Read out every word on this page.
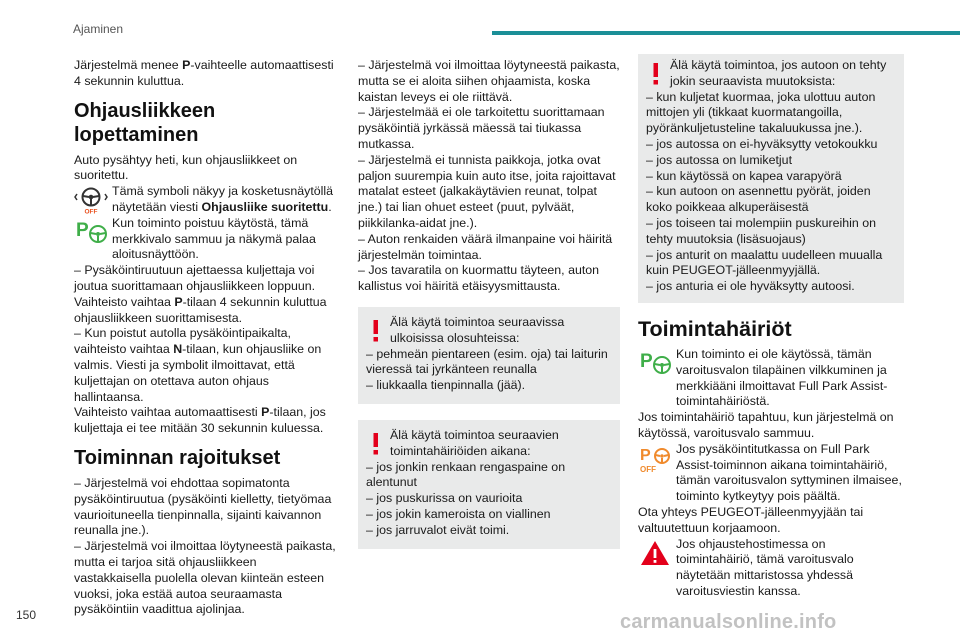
Ajaminen

Järjestelmä menee P-vaihteelle automaattisesti 4 sekunnin kuluttua.

Ohjausliikkeen lopettaminen

Auto pysähtyy heti, kun ohjausliikkeet on suoritettu.

OFF

Tämä symboli näkyy ja kosketusnäytöllä näytetään viesti Ohjausliike suoritettu.

P Kun toiminto poistuu käytöstä, tämä merkkivalo sammuu ja näkymä palaa aloitusnäyttöön.

– Pysäköintiruutuun ajettaessa kuljettaja voi joutua suorittamaan ohjausliikkeen loppuun.

Vaihteisto vaihtaa P-tilaan 4 sekunnin kuluttua ohjausliikkeen suorittamisesta.

– Kun poistut autolla pysäköintipaikalta, vaihteisto vaihtaa N-tilaan, kun ohjausliike on valmis. Viesti ja symbolit ilmoittavat, että kuljettajan on otettava auton ohjaus hallintaansa.

Vaihteisto vaihtaa automaattisesti P-tilaan, jos kuljettaja ei tee mitään 30 sekunnin kuluessa.

Toiminnan rajoitukset

– Järjestelmä voi ehdottaa sopimatonta pysäköintiruutua (pysäköinti kielletty, tietyömaa vaurioituneella tienpinnalla, sijainti kaivannon reunalla jne.).

– Järjestelmä voi ilmoittaa löytyneestä paikasta, mutta ei tarjoa sitä ohjausliikkeen vastakkaisella puolella olevan kiinteän esteen vuoksi, joka estää autoa seuraamasta pysäköintiin vaadittua ajolinjaa.

– Järjestelmä voi ilmoittaa löytyneestä paikasta, mutta se ei aloita siihen ohjaamista, koska kaistan leveys ei ole riittävä.

– Järjestelmää ei ole tarkoitettu suorittamaan pysäköintiä jyrkässä mäessä tai tiukassa mutkassa.

– Järjestelmä ei tunnista paikkoja, jotka ovat paljon suurempia kuin auto itse, joita rajoittavat matalat esteet (jalkakäytävien reunat, tolpat jne.) tai lian ohuet esteet (puut, pylväät, piikkilanka-aidat jne.).

– Auton renkaiden väärä ilmanpaine voi häiritä järjestelmän toimintaa.

– Jos tavaratila on kuormattu täyteen, auton kallistus voi häiritä etäisyysmittausta.

Älä käytä toimintoa seuraavissa ulkoisissa olosuhteissa:

– pehmeän pientareen (esim. oja) tai laiturin vieressä tai jyrkänteen reunalla

– liukkaalla tienpinnalla (jää).

Älä käytä toimintoa seuraavien toimintahäiriöiden aikana:

– jos jonkin renkaan rengaspaine on alentunut

– jos puskurissa on vaurioita

– jos jokin kameroista on viallinen

– jos jarruvalot eivät toimi.

Älä käytä toimintoa, jos autoon on tehty jokin seuraavista muutoksista:

– kun kuljetat kuormaa, joka ulottuu auton mittojen yli (tikkaat kuormatangoilla, pyöränkuljetusteline takaluukussa jne.).

– jos autossa on ei-hyväksytty vetokoukku

– jos autossa on lumiketjut

– kun käytössä on kapea varapyörä

– kun autoon on asennettu pyörät, joiden koko poikkeaa alkuperäisestä

– jos toiseen tai molempiin puskureihin on tehty muutoksia (lisäsuojaus)

– jos anturit on maalattu uudelleen muualla kuin PEUGEOT-jälleenmyyjällä.

– jos anturia ei ole hyväksytty autoosi.

Toimintahäiriöt
P Kun toiminto ei ole käytössä, tämän varoitusvalon tilapäinen vilkkuminen ja merkkiääni ilmoittavat Full Park Assist-toimintahäiriöstä.

Jos toimintahäiriö tapahtuu, kun järjestelmä on käytössä, varoitusvalo sammuu.

P
OFF

Jos pysäköintitutkassa on Full Park Assist-toiminnon aikana toimintahäiriö, tämän varoitusvalon syttyminen ilmaisee, toiminto kytkeytyy pois päältä.

Ota yhteys PEUGEOT-jälleenmyyjään tai valtuutettuun korjaamoon.

Jos ohjaustehostimessa on toimintahäiriö, tämä varoitusvalo näytetään mittaristossa yhdessä varoitusviestin kanssa.

150	carmanualsonline.info
